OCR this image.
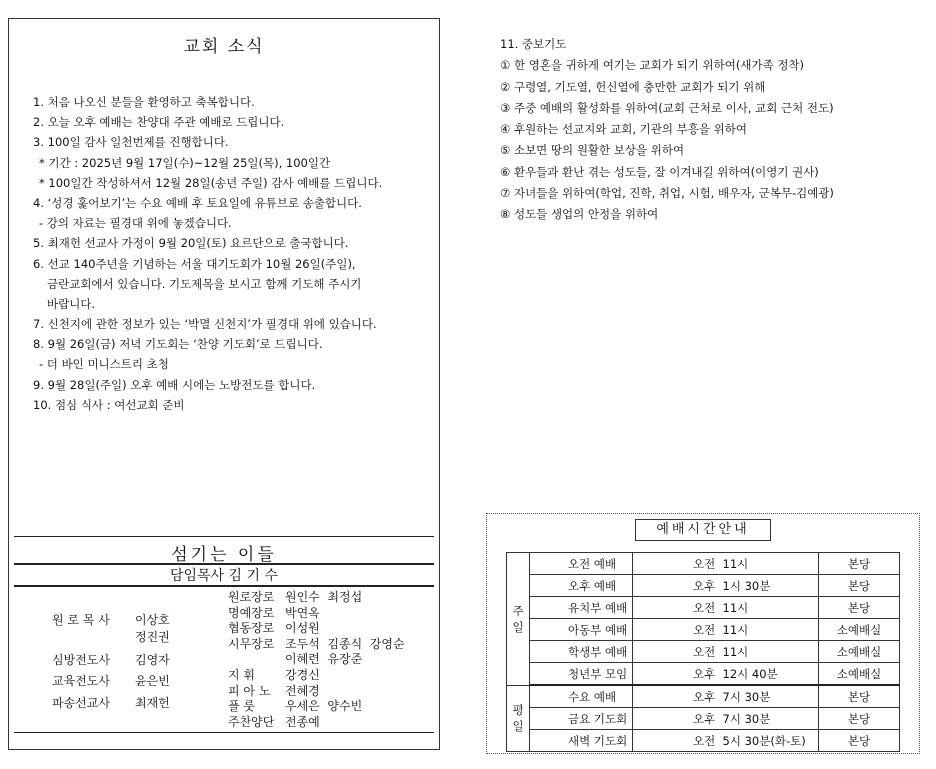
교회 소식
1. 처음 나오신 분들을 환영하고 축복합니다.
2. 오늘 오후 예배는 찬양대 주관 예배로 드립니다.
3. 100일 감사 일천번제를 진행합니다.
* 기간 : 2025년 9월 17일(수)~12월 25일(목), 100일간
* 100일간 작성하셔서 12월 28일(송년 주일) 감사 예배를 드립니다.
4. ‘성경 훑어보기’는 수요 예배 후 토요일에 유튜브로 송출합니다.
- 강의 자료는 필경대 위에 놓겠습니다.
5. 최재헌 선교사 가정이 9월 20일(토) 요르단으로 출국합니다.
6. 선교 140주년을 기념하는 서울 대기도회가 10월 26일(주일),
금란교회에서 있습니다. 기도제목을 보시고 함께 기도해 주시기
바랍니다.
7. 신천지에 관한 정보가 있는 ‘박멸 신천지’가 필경대 위에 있습니다.
8. 9월 26일(금) 저녁 기도회는 ‘찬양 기도회’로 드립니다.
- 더 바인 미니스트리 초청
9. 9월 28일(주일) 오후 예배 시에는 노방전도를 합니다.
10. 점심 식사 : 여선교회 준비
섬기는 이들
담임목사 김 기 수
원 로 목 사 이상호
정진권
심방전도사 김영자
교육전도사 윤은빈
파송선교사 최재헌
원로장로 원인수  최정섭
명예장로 박연옥
협동장로 이성원
시무장로 조두석  김종식  강영순
이혜련  유장준
지 휘	강경신
피 아 노 전혜경
플 룻	우세은  양수빈
주찬양단 전종예
11. 중보기도
① 한 영혼을 귀하게 여기는 교회가 되기 위하여(새가족 정착)
② 구령열, 기도열, 헌신열에 충만한 교회가 되기 위해
③ 주중 예배의 활성화를 위하여(교회 근처로 이사, 교회 근처 전도)
④ 후원하는 선교지와 교회, 기관의 부흥을 위하여
⑤ 소보면 땅의 원활한 보상을 위하여
⑥ 환우들과 환난 겪는 성도들, 잘 이겨내길 위하여(이영기 권사)
⑦ 자녀들을 위하여(학업, 진학, 취업, 시험, 배우자, 군복무-김예광)
⑧ 성도들 생업의 안정을 위하여
예배시간안내
주
일	오전 예배	오전  11시	본당
	오후 예배	오후  1시 30분	본당
	유치부 예배	오전  11시	본당
	아동부 예배	오전  11시	소예배실
	학생부 예배	오전  11시	소예배실
	청년부 모임	오후  12시 40분	소예배실

평
일	수요 예배	오후  7시 30분	본당
	금요 기도회	오후  7시 30분	본당
	새벽 기도회	오전  5시 30분(화-토)	본당
